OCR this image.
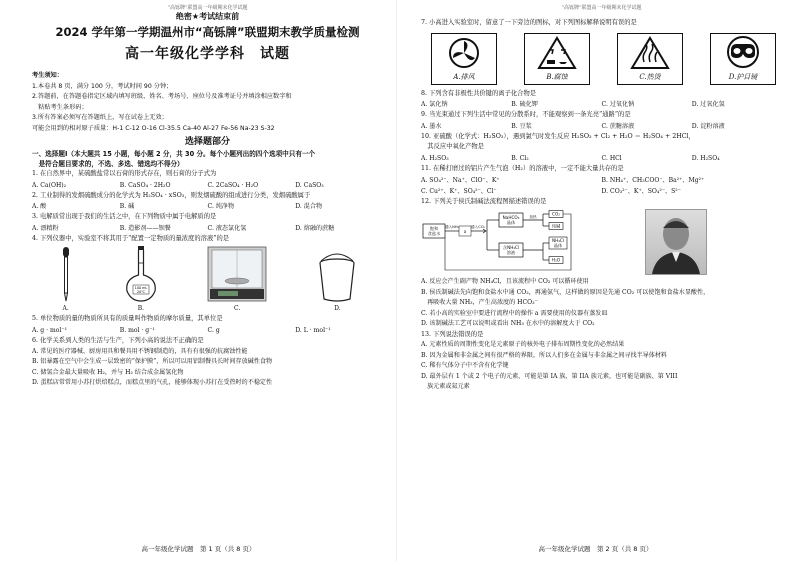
“高铄牌”联盟高一年级期末化学试题
绝密★考试结束前
2024 学年第一学期温州市“高铄牌”联盟期末教学质量检测
高一年级化学学科　试题
考生须知：
1.本卷共 8 页，满分 100 分，考试时间 90 分钟；
2.答题前，在答题卷指定区域内填写班级、姓名、考场号、座位号及准考证号并填涂相应数字和
　粘贴考生条形码；
3.所有答案必须写在答题纸上，写在试卷上无效；
可能会用到的相对原子质量：H-1 C-12 O-16 Cl-35.5 Ca-40 Al-27 Fe-56 Na-23 S-32
选择题部分
一、选择题Ⅰ（本大题共 15 小题，每小题 2 分，共 30 分。每个小题列出的四个选项中只有一个
　是符合题目要求的，不选、多选、错选均不得分）
1. 在自然界中，某硫酸盐常以石膏的形式存在，则石膏的分子式为
A. Ca(OH)₂	B. CaSO₄ · 2H₂O	C. 2CaSO₄ · H₂O	D. CaSO₃
2. 工业制得的发烟硫酸成分的化学式为 H₂SO₄ · xSO₃，则发烟硫酸的组成进行分类，发烟硫酸属于
A. 酸	B. 碱	C. 纯净物	D. 混合物
3. 电解质常出现于我们的生活之中，在下列物质中属于电解质的是
A. 漂精粉	B. 造影剂——钡餐	C. 液态氯化氢	D. 熔融的蔗糖
4. 下列仪器中，实验室不将其用于“配置一定物质的量浓度的溶液”的是
A.
100 mL
20℃
B.	C.	D.
5. 单位物质的量的物质所具有的质量叫作物质的摩尔质量，其单位是
A. g · mol⁻¹	B. mol · g⁻¹	C. g	D. L · mol⁻¹
6. 化学关系到人类的生活与生产，下列小高的说法不正确的是
A. 常见的医疗器械、厨房用具和餐具用不锈钢制造的，具有有很强的抗腐蚀性能
B. 铝暴露在空气中会生成一层致密的“保护膜”，所以可以用铝制餐具长时间存放碱性食物
C. 储氢合金最大量吸收 H₂，并与 H₂ 结合成金属氢化物
D. 蛋糕店常常用小苏打烘焙糕点，而糕点里的气孔，能够体现小苏打在受热时的不稳定性
高一年级化学试题　第 1 页（共 8 页）
“高铄牌”联盟高一年级期末化学试题
7. 小高进入实验室时，留意了一下旁边的图标，对下列图标解释说明有误的是
A.排风	B.腐蚀	C.热烫	D.护目镜
8. 下列含有非极性共价键的离子化合物是
A. 氯化钠	B. 硫化钾	C. 过氧化钠	D. 过氧化氢
9. 当光束通过下列生活中常见的分散系时，不能观察到一条光亮“通路”的是
A. 墨水	B. 豆浆	C. 蔗糖溶液	D. 淀粉溶液
10. 亚硫酸（化学式：H₂SO₃），遇到氯气时发生反应 H₂SO₃ + Cl₂ + H₂O ＝ H₂SO₄ + 2HCl，
　其反应中氧化产物是
A. H₂SO₃	B. Cl₂	C. HCl	D. H₂SO₄
11. 在稀打磨过的铝片产生气泡（H₂）的溶液中，一定不能大量共存的是
A. SO₄²⁻、Na⁺、ClO⁻、K⁺	B. NH₄⁺、CH₃COO⁻、Ba²⁺、Mg²⁺
C. Cu²⁺、K⁺、SO₄²⁻、Cl⁻	D. CO₃²⁻、K⁺、SO₄²⁻、S²⁻
12. 下列关于侯氏制碱法流程图描述错误的是
饱和
食盐水
通入NH₃	通入CO₂
a
NaHCO₃
晶体
含NH₄Cl
溶液
加热
CO₂
纯碱
NH₄Cl
晶体
H₂O
A. 反应会产生副产物 NH₄Cl，且该流程中 CO₂ 可以循环使用
B. 侯氏制碱法先向饱和食盐水中通 CO₂，再通氨气，这样做的原因是先通 CO₂ 可以使饱和食盐水显酸性，
　再吸收大量 NH₃，产生高浓度的 HCO₃⁻
C. 若小高的实验室中要进行流程中的操作 a 需要使用的仪器有蒸发皿
D. 该制碱法工艺可以说明或看出 NH₃ 在水中的溶解度大于 CO₂
13. 下列说法错误的是
A. 元素性质的周期性变化是元素原子的核外电子排布周期性变化的必然结果
B. 因为金属和非金属之间有很严格的界限，所以人们多在金属与非金属之间寻找半导体材料
C. 稀有气体分子中不含有化学键
D. 最外层有 1 个或 2 个电子的元素，可能是第 IA 族、第 IIA 族元素，也可能是副族、第 VIII
　族元素或氦元素
高一年级化学试题　第 2 页（共 8 页）
